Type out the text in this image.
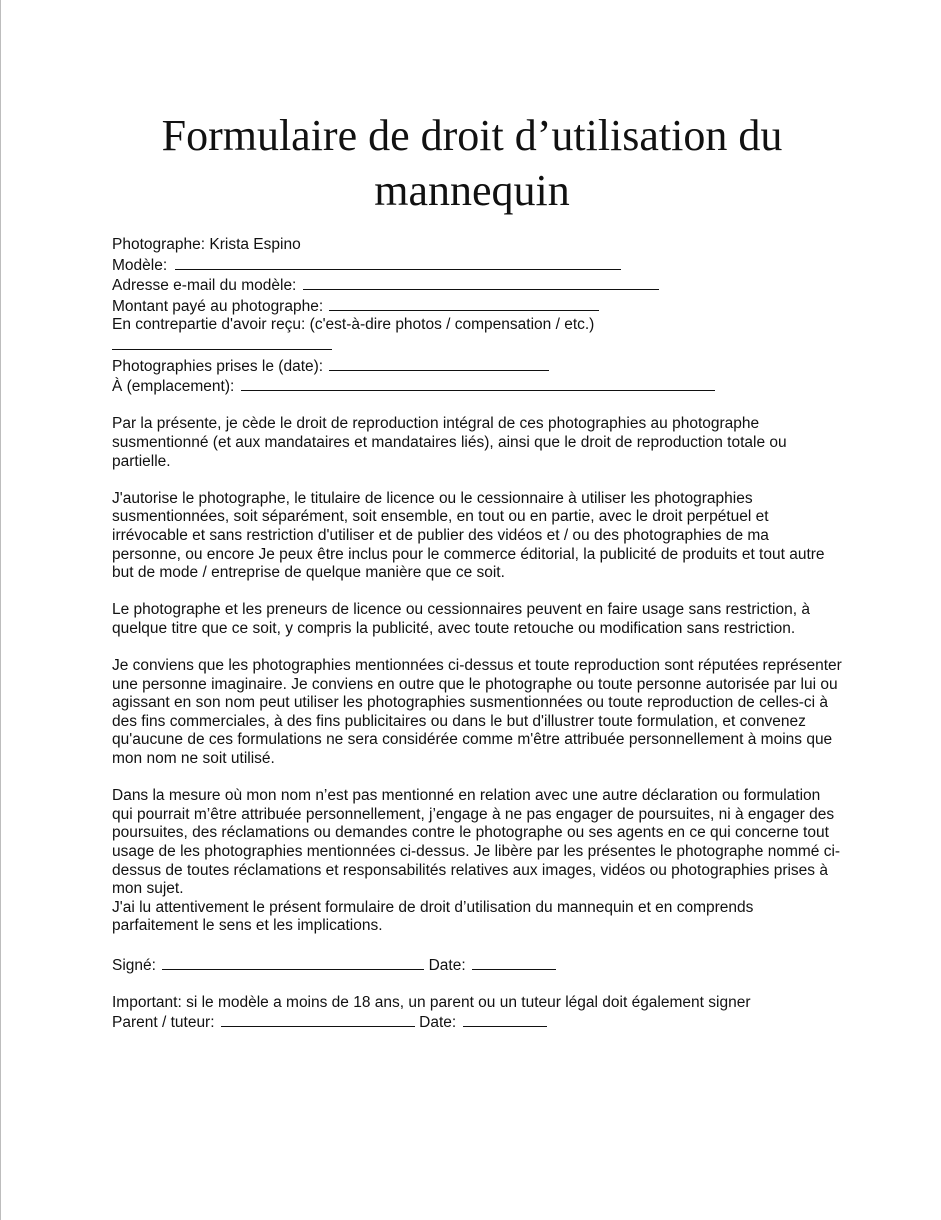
Formulaire de droit d’utilisation du mannequin
Photographe: Krista Espino
Modèle:
Adresse e-mail du modèle:
Montant payé au photographe:
En contrepartie d'avoir reçu: (c'est-à-dire photos / compensation / etc.)
Photographies prises le (date):
À (emplacement):

Par la présente, je cède le droit de reproduction intégral de ces photographies au photographe susmentionné (et aux mandataires et mandataires liés), ainsi que le droit de reproduction totale ou partielle.

J'autorise le photographe, le titulaire de licence ou le cessionnaire à utiliser les photographies susmentionnées, soit séparément, soit ensemble, en tout ou en partie, avec le droit perpétuel et irrévocable et sans restriction d'utiliser et de publier des vidéos et / ou des photographies de ma personne, ou encore Je peux être inclus pour le commerce éditorial, la publicité de produits et tout autre but de mode / entreprise de quelque manière que ce soit.

Le photographe et les preneurs de licence ou cessionnaires peuvent en faire usage sans restriction, à quelque titre que ce soit, y compris la publicité, avec toute retouche ou modification sans restriction.

Je conviens que les photographies mentionnées ci-dessus et toute reproduction sont réputées représenter une personne imaginaire. Je conviens en outre que le photographe ou toute personne autorisée par lui ou agissant en son nom peut utiliser les photographies susmentionnées ou toute reproduction de celles-ci à des fins commerciales, à des fins publicitaires ou dans le but d'illustrer toute formulation, et convenez qu'aucune de ces formulations ne sera considérée comme m'être attribuée personnellement à moins que mon nom ne soit utilisé.

Dans la mesure où mon nom n’est pas mentionné en relation avec une autre déclaration ou formulation qui pourrait m’être attribuée personnellement, j’engage à ne pas engager de poursuites, ni à engager des poursuites, des réclamations ou demandes contre le photographe ou ses agents en ce qui concerne tout usage de les photographies mentionnées ci-dessus. Je libère par les présentes le photographe nommé ci-dessus de toutes réclamations et responsabilités relatives aux images, vidéos ou photographies prises à mon sujet.

J'ai lu attentivement le présent formulaire de droit d’utilisation du mannequin et en comprends parfaitement le sens et les implications.

Signé:	Date:
Important: si le modèle a moins de 18 ans, un parent ou un tuteur légal doit également signer
Parent / tuteur:	Date:
